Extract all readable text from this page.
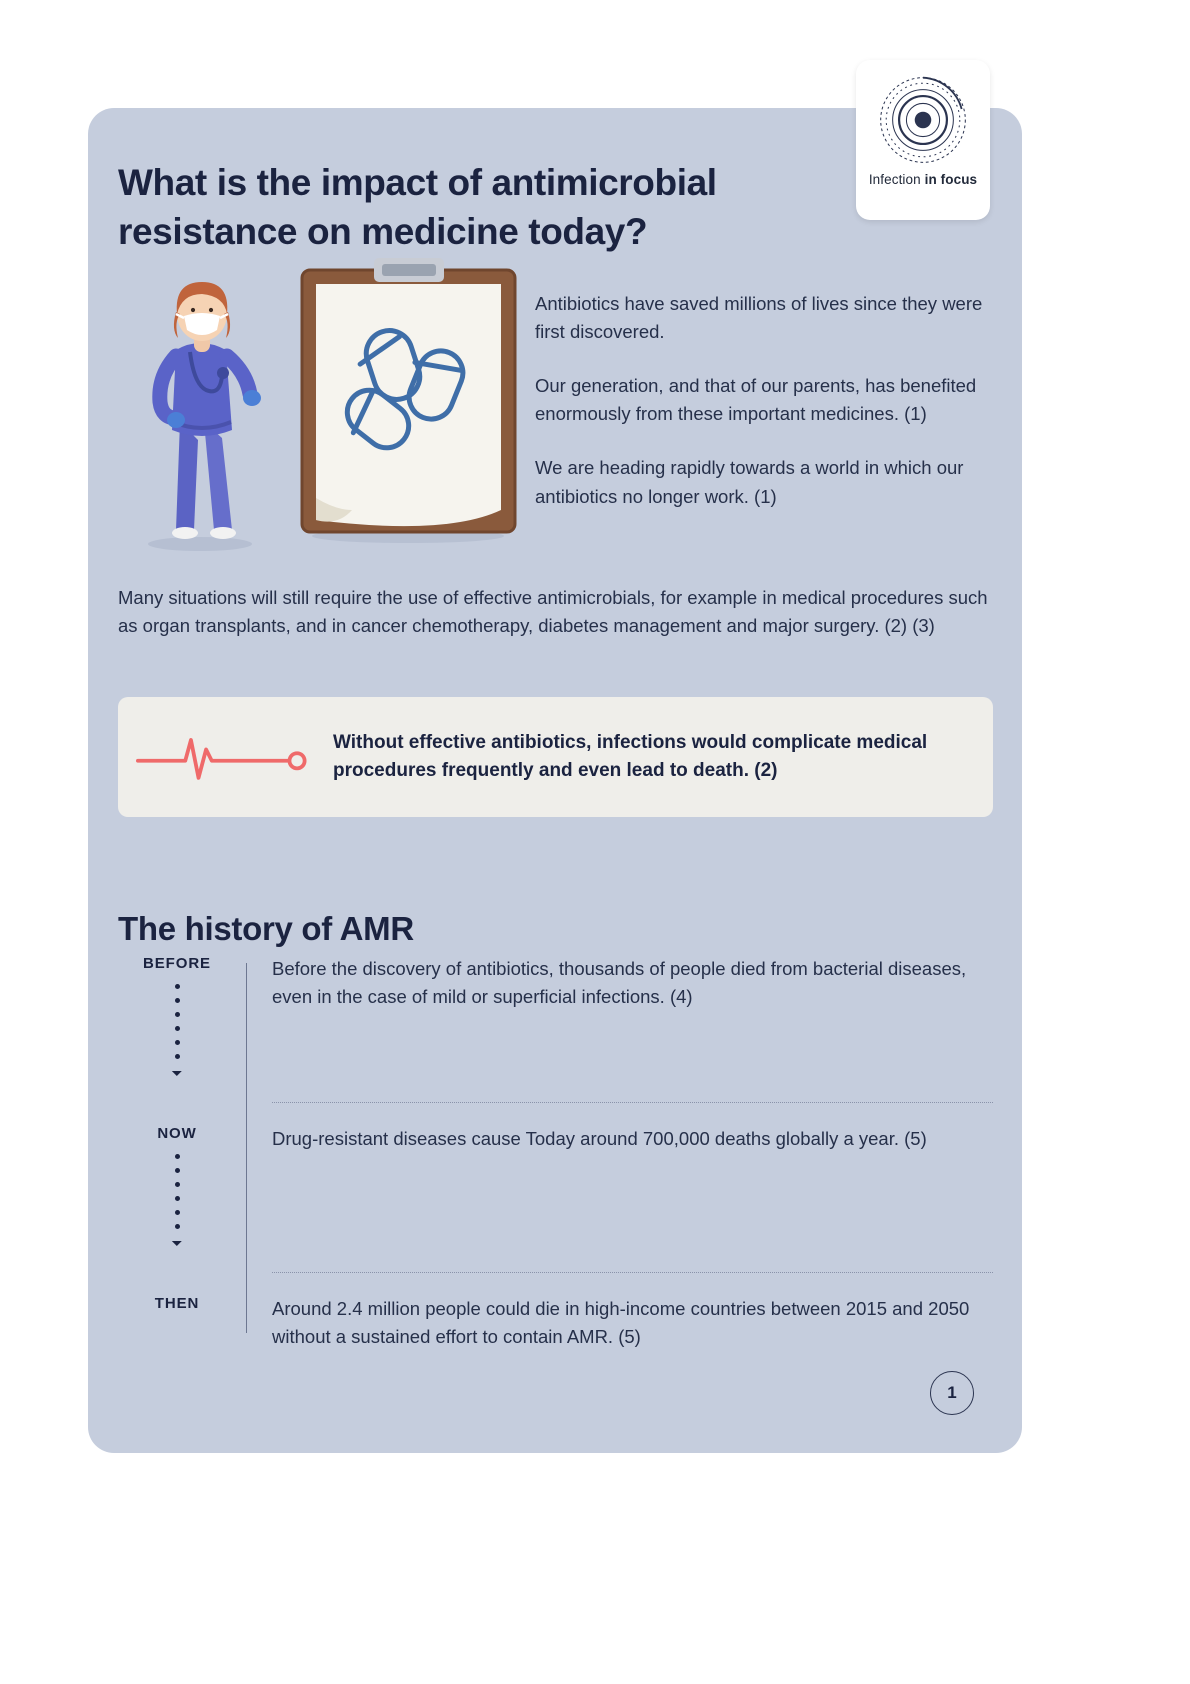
Infection in focus
What is the impact of antimicrobial resistance on medicine today?

Antibiotics have saved millions of lives since they were first discovered.

Our generation, and that of our parents, has benefited enormously from these important medicines. (1)

We are heading rapidly towards a world in which our antibiotics no longer work. (1)

Many situations will still require the use of effective antimicrobials, for example in medical procedures such as organ transplants, and in cancer chemotherapy, diabetes management and major surgery. (2) (3)

Without effective antibiotics, infections would complicate medical procedures frequently and even lead to death. (2)
The history of AMR
BEFORE
⏷
Before the discovery of antibiotics, thousands of people died from bacterial diseases, even in the case of mild or superficial infections. (4)
NOW
⏷
Drug-resistant diseases cause Today around 700,000 deaths globally a year. (5)
THEN	Around 2.4 million people could die in high-income countries between 2015 and 2050 without a sustained effort to contain AMR. (5)
1
